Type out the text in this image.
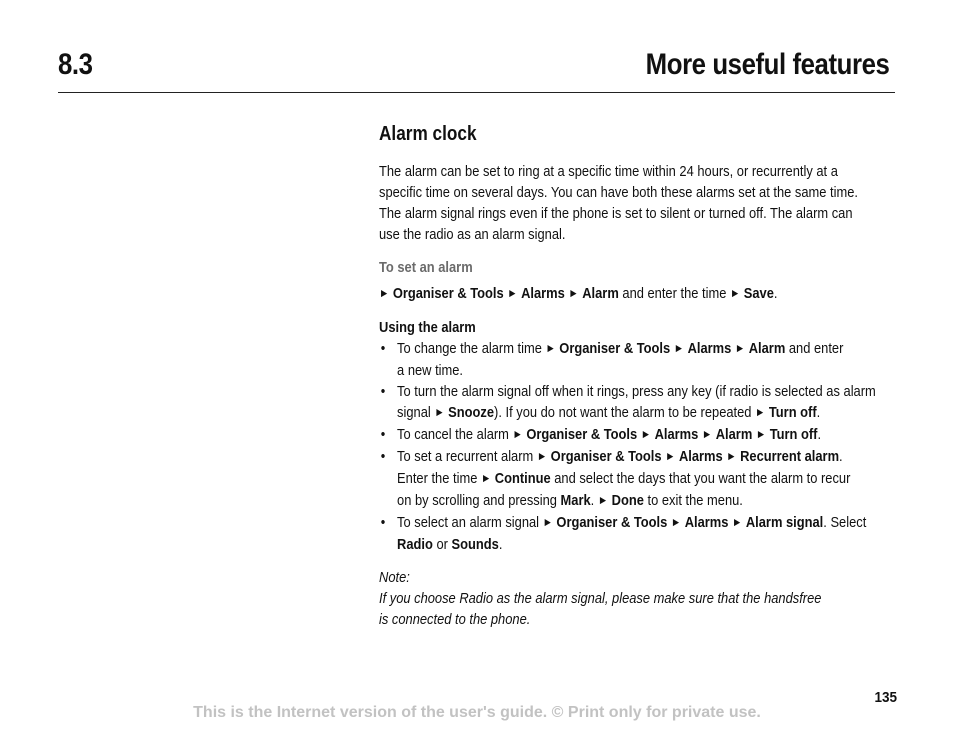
8.3	More useful features
Alarm clock

The alarm can be set to ring at a specific time within 24 hours, or recurrently at a
specific time on several days. You can have both these alarms set at the same time.
The alarm signal rings even if the phone is set to silent or turned off. The alarm can
use the radio as an alarm signal.

To set an alarm
► Organiser & Tools ► Alarms ► Alarm and enter the time ► Save.
Using the alarm
• To change the alarm time ► Organiser & Tools ► Alarms ► Alarm and enter
a new time.
• To turn the alarm signal off when it rings, press any key (if radio is selected as alarm
signal ► Snooze). If you do not want the alarm to be repeated ► Turn off.
• To cancel the alarm ► Organiser & Tools ► Alarms ► Alarm ► Turn off.
• To set a recurrent alarm ► Organiser & Tools ► Alarms ► Recurrent alarm.
Enter the time ► Continue and select the days that you want the alarm to recur
on by scrolling and pressing Mark. ► Done to exit the menu.
• To select an alarm signal ► Organiser & Tools ► Alarms ► Alarm signal. Select
Radio or Sounds.
Note:
If you choose Radio as the alarm signal, please make sure that the handsfree
is connected to the phone.
135
This is the Internet version of the user's guide. © Print only for private use.
